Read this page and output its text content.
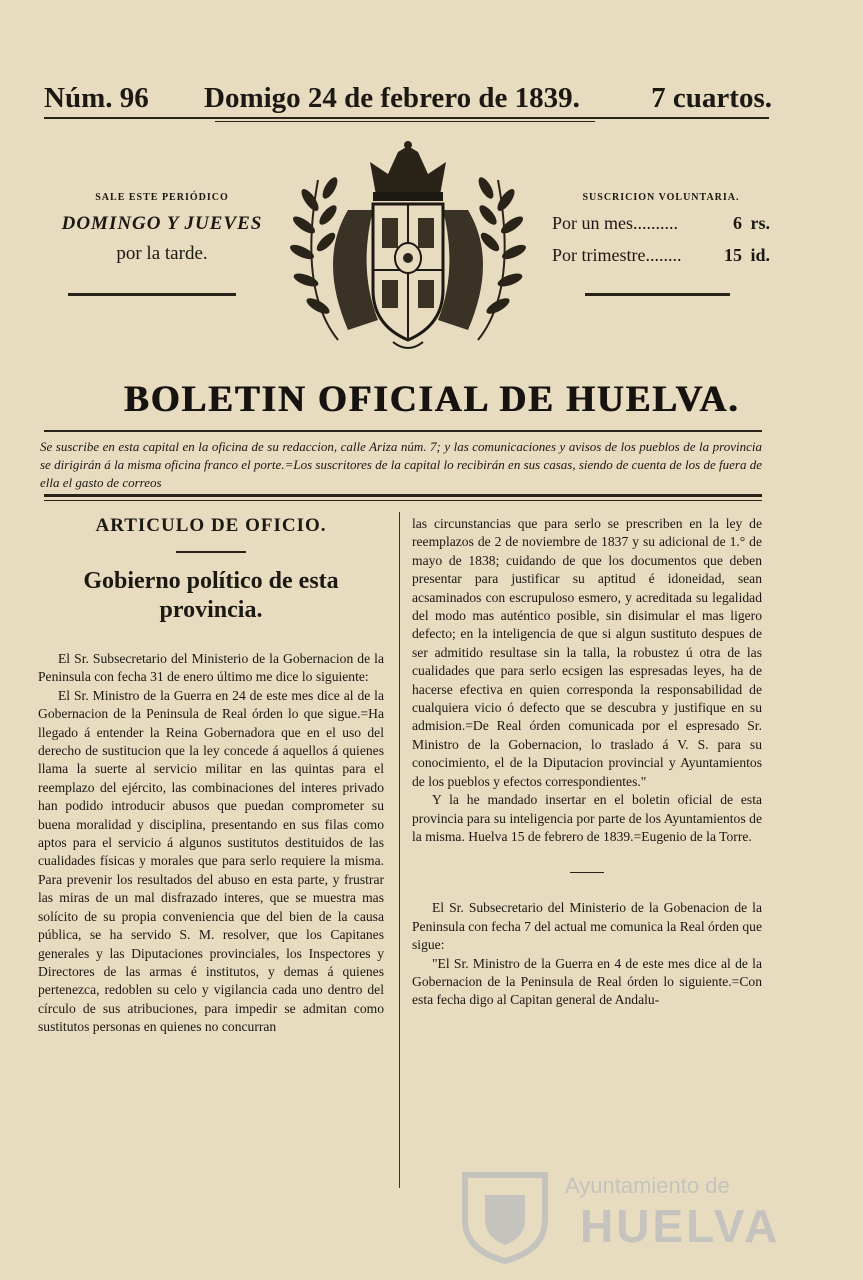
Núm. 96 Domigo 24 de febrero de 1839. 7 cuartos.
SALE ESTE PERIÓDICO
DOMINGO Y JUEVES
por la tarde.
SUSCRICION VOLUNTARIA.
Por un mes..........	6 rs.
Por trimestre........ 15 id.
BOLETIN OFICIAL DE HUELVA.
Se suscribe en esta capital en la oficina de su redaccion, calle Ariza núm. 7; y las comunicaciones y avisos de los pueblos de la provincia se dirigirán á la misma oficina franco el porte.=Los suscritores de la capital lo recibirán en sus casas, siendo de cuenta de los de fuera de ella el gasto de correos
ARTICULO DE OFICIO.
Gobierno político de esta provincia.

El Sr. Subsecretario del Ministerio de la Gobernacion de la Peninsula con fecha 31 de enero último me dice lo siguiente:

El Sr. Ministro de la Guerra en 24 de este mes dice al de la Gobernacion de la Peninsula de Real órden lo que sigue.=Ha llegado á entender la Reina Gobernadora que en el uso del derecho de sustitucion que la ley concede á aquellos á quienes llama la suerte al servicio militar en las quintas para el reemplazo del ejército, las combinaciones del interes privado han podido introducir abusos que puedan comprometer su buena moralidad y disciplina, presentando en sus filas como aptos para el servicio á algunos sustitutos destituidos de las cualidades físicas y morales que para serlo requiere la misma. Para prevenir los resultados del abuso en esta parte, y frustrar las miras de un mal disfrazado interes, que se muestra mas solícito de su propia conveniencia que del bien de la causa pública, se ha servido S. M. resolver, que los Capitanes generales y las Diputaciones provinciales, los Inspectores y Directores de las armas é institutos, y demas á quienes pertenezca, redoblen su celo y vigilancia cada uno dentro del círculo de sus atribuciones, para impedir se admitan como sustitutos personas en quienes no concurran

las circunstancias que para serlo se prescriben en la ley de reemplazos de 2 de noviembre de 1837 y su adicional de 1.° de mayo de 1838; cuidando de que los documentos que deben presentar para justificar su aptitud é idoneidad, sean acsaminados con escrupuloso esmero, y acreditada su legalidad del modo mas auténtico posible, sin disimular el mas ligero defecto; en la inteligencia de que si algun sustituto despues de ser admitido resultase sin la talla, la robustez ú otra de las cualidades que para serlo ecsigen las espresadas leyes, ha de hacerse efectiva en quien corresponda la responsabilidad de cualquiera vicio ó defecto que se descubra y justifique en su admision.=De Real órden comunicada por el espresado Sr. Ministro de la Gobernacion, lo traslado á V. S. para su conocimiento, el de la Diputacion provincial y Ayuntamientos de los pueblos y efectos correspondientes."

Y la he mandado insertar en el boletin oficial de esta provincia para su inteligencia por parte de los Ayuntamientos de la misma. Huelva 15 de febrero de 1839.=Eugenio de la Torre.

El Sr. Subsecretario del Ministerio de la Gobenacion de la Peninsula con fecha 7 del actual me comunica la Real órden que sigue:

"El Sr. Ministro de la Guerra en 4 de este mes dice al de la Gobernacion de la Peninsula de Real órden lo siguiente.=Con esta fecha digo al Capitan general de Andalu-

Ayuntamiento de
HUELVA
